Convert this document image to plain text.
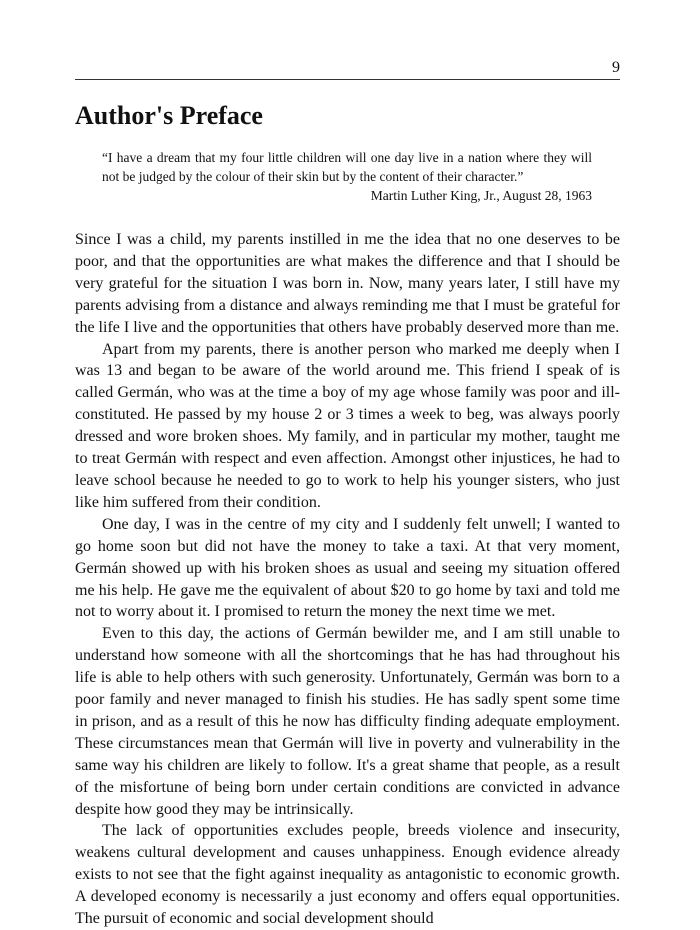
9
Author's Preface
“I have a dream that my four little children will one day live in a nation where they will not be judged by the colour of their skin but by the content of their character.”
Martin Luther King, Jr., August 28, 1963

Since I was a child, my parents instilled in me the idea that no one deserves to be poor, and that the opportunities are what makes the difference and that I should be very grateful for the situation I was born in. Now, many years later, I still have my parents advising from a distance and always reminding me that I must be grateful for the life I live and the opportunities that others have probably deserved more than me.

Apart from my parents, there is another person who marked me deeply when I was 13 and began to be aware of the world around me. This friend I speak of is called Germán, who was at the time a boy of my age whose family was poor and ill-constituted. He passed by my house 2 or 3 times a week to beg, was always poorly dressed and wore broken shoes. My family, and in particular my mother, taught me to treat Germán with respect and even affection. Amongst other injustices, he had to leave school because he needed to go to work to help his younger sisters, who just like him suffered from their condition.

One day, I was in the centre of my city and I suddenly felt unwell; I wanted to go home soon but did not have the money to take a taxi. At that very moment, Germán showed up with his broken shoes as usual and seeing my situation offered me his help. He gave me the equivalent of about $20 to go home by taxi and told me not to worry about it. I promised to return the money the next time we met.

Even to this day, the actions of Germán bewilder me, and I am still unable to understand how someone with all the shortcomings that he has had throughout his life is able to help others with such generosity. Unfortunately, Germán was born to a poor family and never managed to finish his studies. He has sadly spent some time in prison, and as a result of this he now has difficulty finding adequate employment. These circumstances mean that Germán will live in poverty and vulnerability in the same way his children are likely to follow. It's a great shame that people, as a result of the misfortune of being born under certain conditions are convicted in advance despite how good they may be intrinsically.

The lack of opportunities excludes people, breeds violence and insecurity, weakens cultural development and causes unhappiness. Enough evidence already exists to not see that the fight against inequality as antagonistic to economic growth. A developed economy is necessarily a just economy and offers equal opportunities. The pursuit of economic and social development should
